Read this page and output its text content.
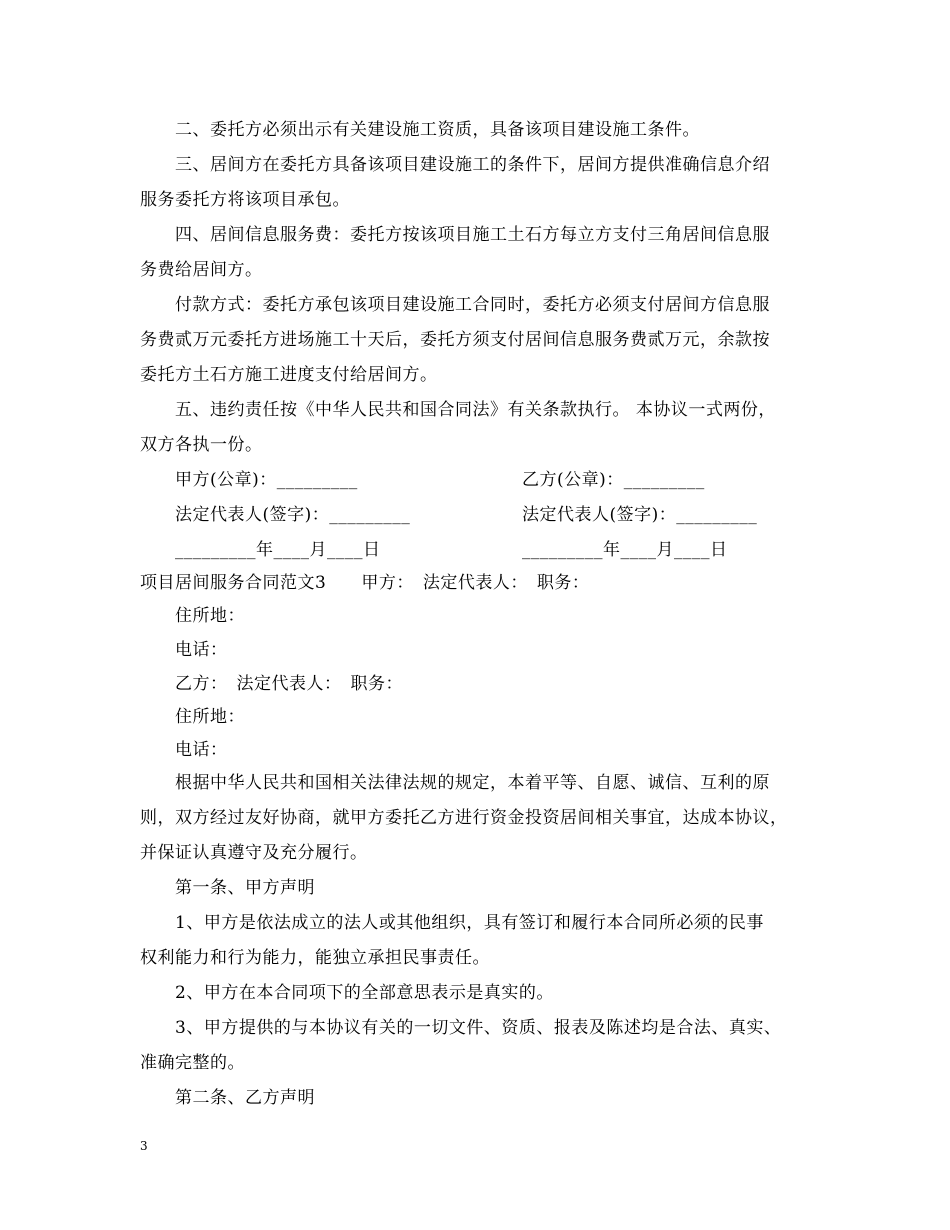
二、委托方必须出示有关建设施工资质，具备该项目建设施工条件。
三、居间方在委托方具备该项目建设施工的条件下，居间方提供准确信息介绍
服务委托方将该项目承包。
四、居间信息服务费：委托方按该项目施工土石方每立方支付三角居间信息服
务费给居间方。
付款方式：委托方承包该项目建设施工合同时，委托方必须支付居间方信息服
务费贰万元委托方进场施工十天后，委托方须支付居间信息服务费贰万元，余款按
委托方土石方施工进度支付给居间方。
五、违约责任按《中华人民共和国合同法》有关条款执行。 本协议一式两份，
双方各执一份。
甲方(公章)：_________	乙方(公章)：_________
法定代表人(签字)：_________	法定代表人(签字)：_________
_________年____月____日	_________年____月____日
项目居间服务合同范文3　　甲方：　法定代表人：　职务：
住所地：
电话：
乙方：　法定代表人：　职务：
住所地：
电话：
根据中华人民共和国相关法律法规的规定，本着平等、自愿、诚信、互利的原
则，双方经过友好协商，就甲方委托乙方进行资金投资居间相关事宜，达成本协议，
并保证认真遵守及充分履行。
第一条、甲方声明
1、甲方是依法成立的法人或其他组织，具有签订和履行本合同所必须的民事
权利能力和行为能力，能独立承担民事责任。
2、甲方在本合同项下的全部意思表示是真实的。
3、甲方提供的与本协议有关的一切文件、资质、报表及陈述均是合法、真实、
准确完整的。
第二条、乙方声明
3
